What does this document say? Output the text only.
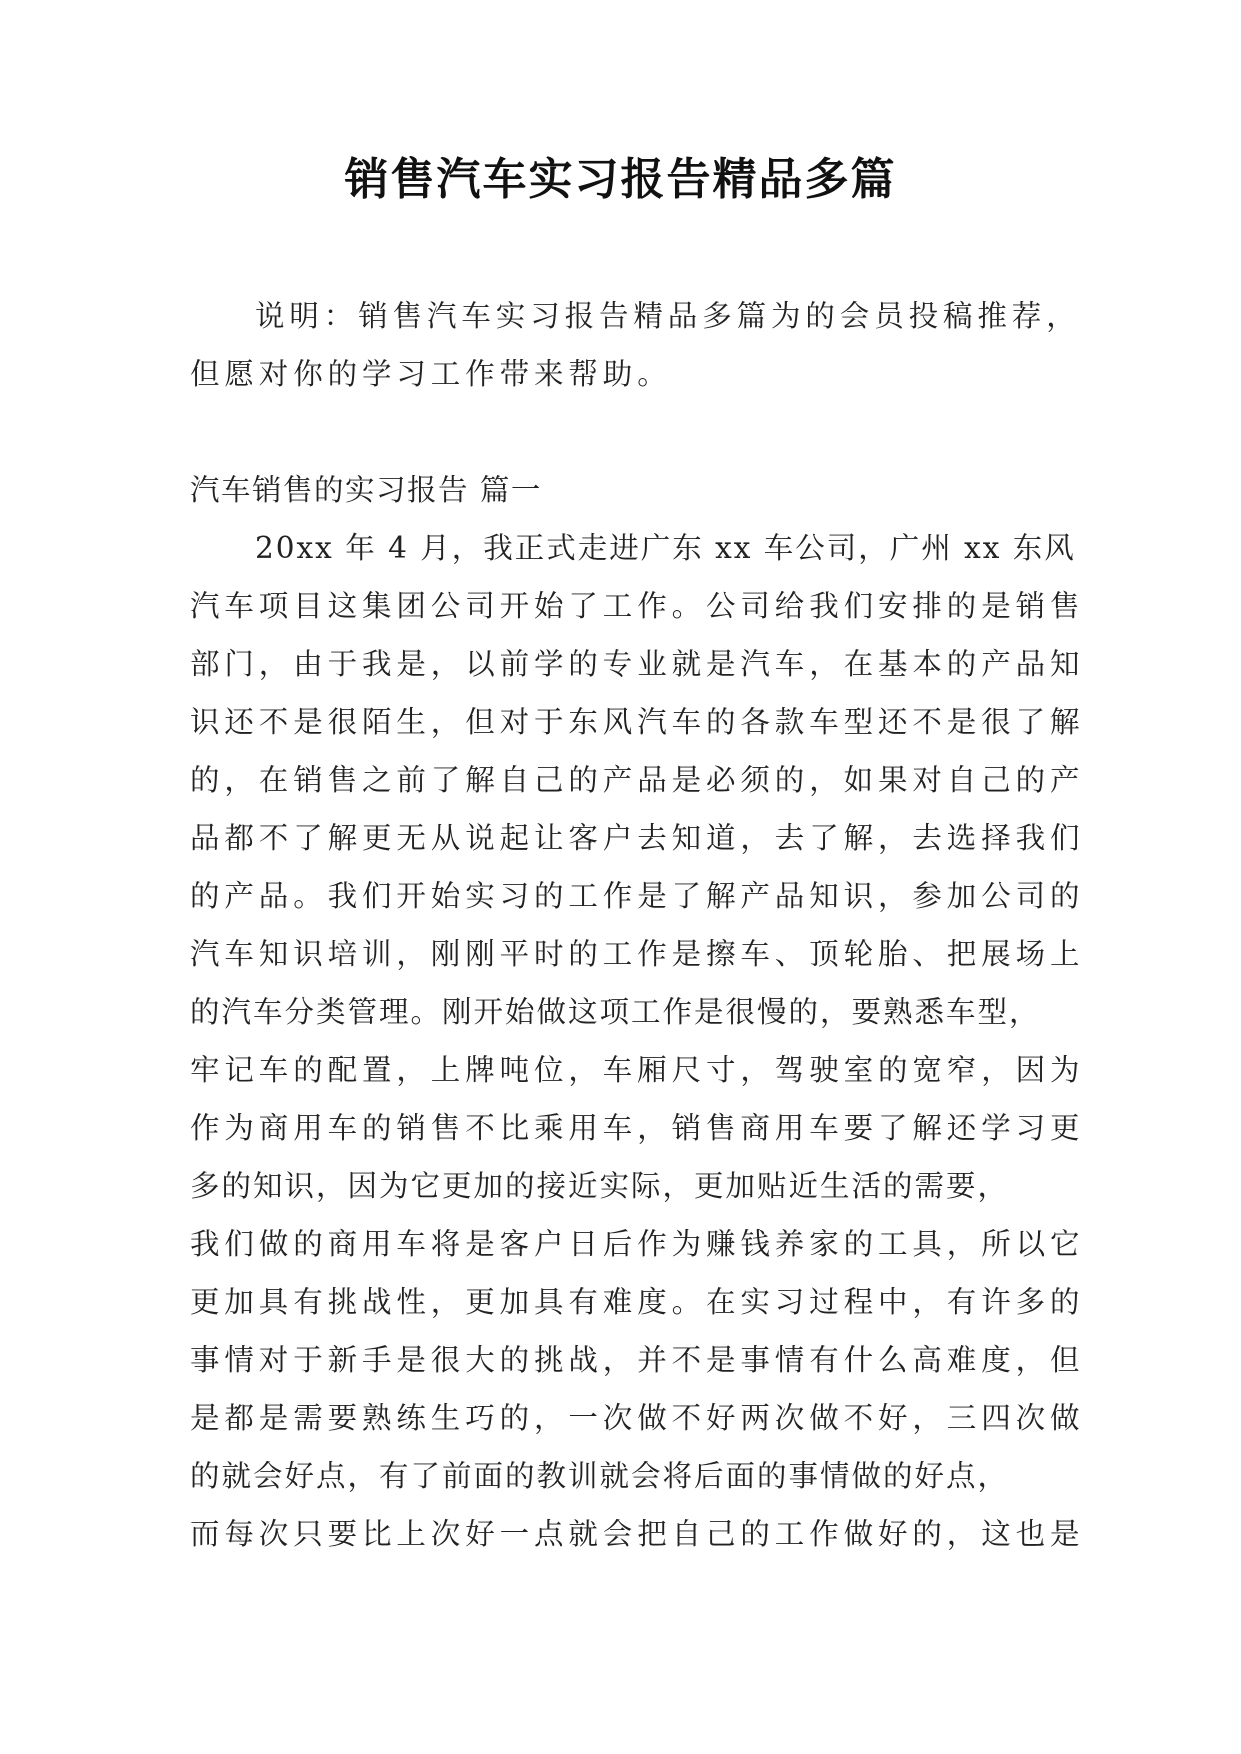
销售汽车实习报告精品多篇
说明：销售汽车实习报告精品多篇为的会员投稿推荐，
但愿对你的学习工作带来帮助。
汽车销售的实习报告 篇一
20xx 年 4 月，我正式走进广东 xx 车公司，广州 xx 东风
汽车项目这集团公司开始了工作。公司给我们安排的是销售
部门，由于我是，以前学的专业就是汽车，在基本的产品知
识还不是很陌生，但对于东风汽车的各款车型还不是很了解
的，在销售之前了解自己的产品是必须的，如果对自己的产
品都不了解更无从说起让客户去知道，去了解，去选择我们
的产品。我们开始实习的工作是了解产品知识，参加公司的
汽车知识培训，刚刚平时的工作是擦车、顶轮胎、把展场上
的汽车分类管理。刚开始做这项工作是很慢的，要熟悉车型，
牢记车的配置，上牌吨位，车厢尺寸，驾驶室的宽窄，因为
作为商用车的销售不比乘用车，销售商用车要了解还学习更
多的知识，因为它更加的接近实际，更加贴近生活的需要，
我们做的商用车将是客户日后作为赚钱养家的工具，所以它
更加具有挑战性，更加具有难度。在实习过程中，有许多的
事情对于新手是很大的挑战，并不是事情有什么高难度，但
是都是需要熟练生巧的，一次做不好两次做不好，三四次做
的就会好点，有了前面的教训就会将后面的事情做的好点，
而每次只要比上次好一点就会把自己的工作做好的，这也是
